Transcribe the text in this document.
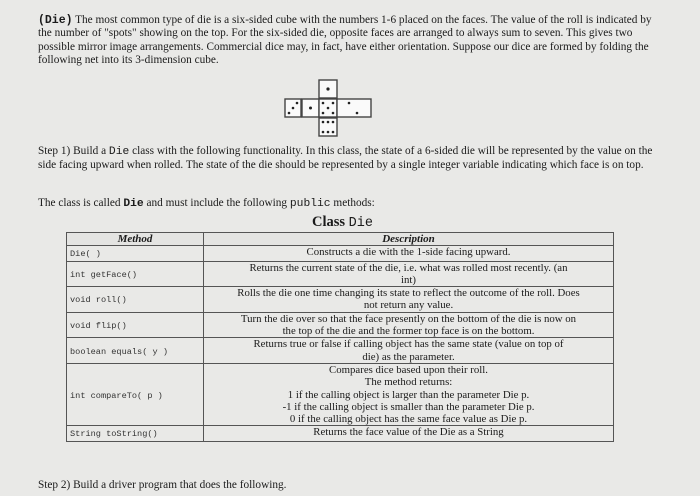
(Die) The most common type of die is a six-sided cube with the numbers 1-6 placed on the faces. The value of the roll is indicated by the number of "spots" showing on the top. For the six-sided die, opposite faces are arranged to always sum to seven. This gives two possible mirror image arrangements. Commercial dice may, in fact, have either orientation. Suppose our dice are formed by folding the following net into its 3-dimension cube.
Step 1) Build a Die class with the following functionality. In this class, the state of a 6-sided die will be represented by the value on the side facing upward when rolled. The state of the die should be represented by a single integer variable indicating which face is on top.
The class is called Die and must include the following public methods:
Class Die
Method	Description
Die( )	Constructs a die with the 1-side facing upward.

int getFace()	Returns the current state of the die, i.e. what was rolled most recently. (an
int)

void roll()	Rolls the die one time changing its state to reflect the outcome of the roll. Does
not return any value.

void flip()	Turn the die over so that the face presently on the bottom of the die is now on
the top of the die and the former top face is on the bottom.

boolean equals( y )	Returns true or false if calling object has the same state (value on top of
die) as the parameter.

int compareTo( p )	Compares dice based upon their roll.
The method returns:
1 if the calling object is larger than the parameter Die p.
-1 if the calling object is smaller than the parameter Die p.
0 if the calling object has the same face value as Die p.

String toString()	Returns the face value of the Die as a String
Step 2) Build a driver program that does the following.
